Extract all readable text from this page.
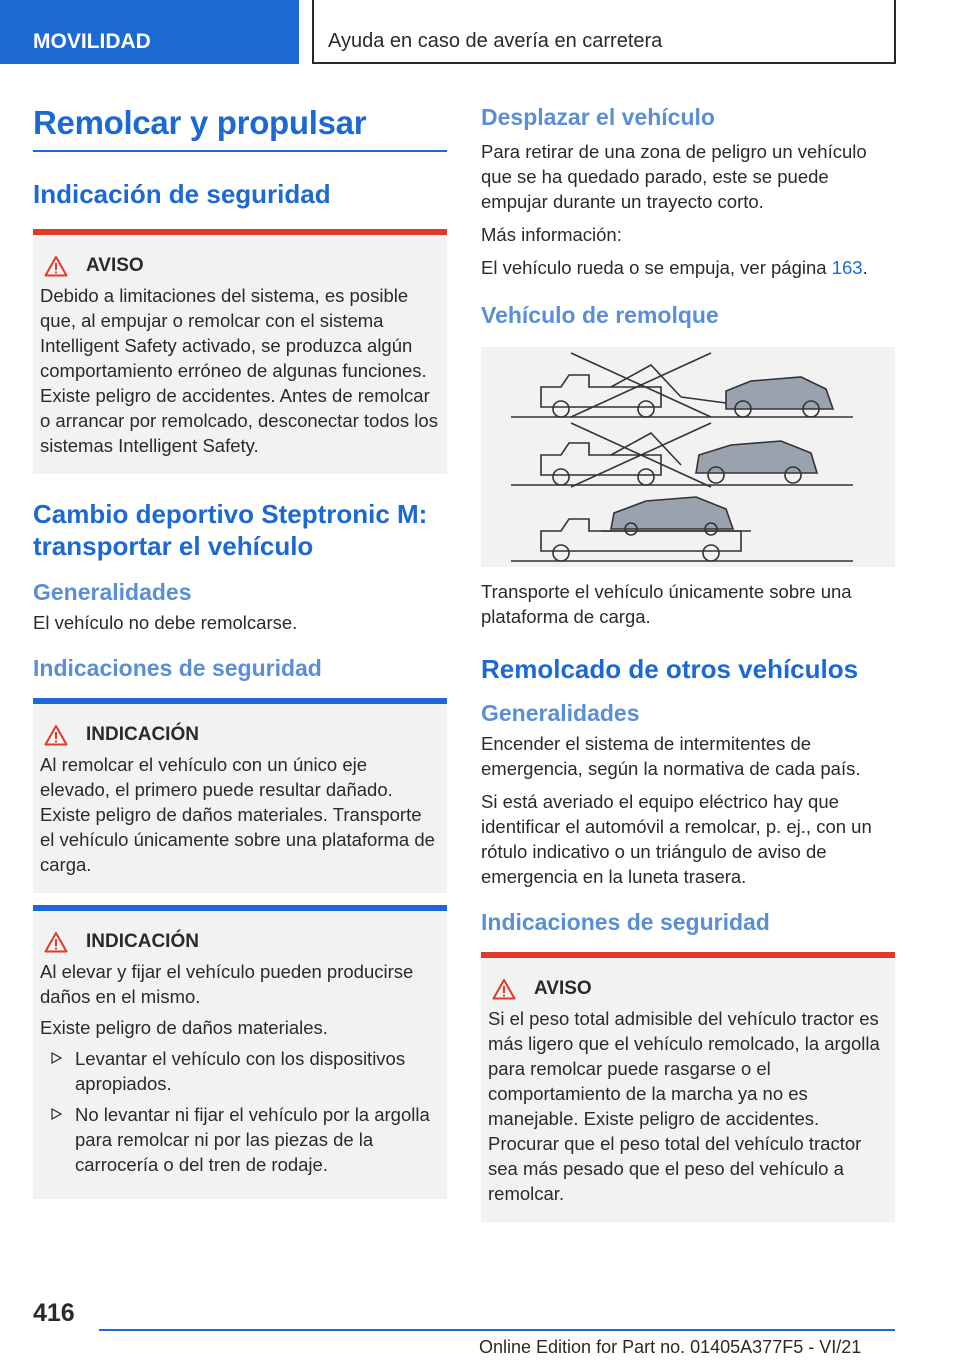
MOVILIDAD	Ayuda en caso de avería en carretera
Remolcar y propulsar
Indicación de seguridad
AVISO

Debido a limitaciones del sistema, es posible que, al empujar o remolcar con el sistema Intelligent Safety activado, se produzca algún comportamiento erróneo de algunas funciones. Existe peligro de accidentes. Antes de remolcar o arrancar por remolcado, desconectar todos los sistemas Intelligent Safety.

Cambio deportivo Steptronic M: transportar el vehículo
Generalidades

El vehículo no debe remolcarse.

Indicaciones de seguridad
INDICACIÓN

Al remolcar el vehículo con un único eje elevado, el primero puede resultar dañado. Existe peligro de daños materiales. Transporte el vehículo únicamente sobre una plataforma de carga.

INDICACIÓN

Al elevar y fijar el vehículo pueden producirse daños en el mismo.

Existe peligro de daños materiales.

Levantar el vehículo con los dispositivos apropiados.
No levantar ni fijar el vehículo por la argolla para remolcar ni por las piezas de la carrocería o del tren de rodaje.
Desplazar el vehículo

Para retirar de una zona de peligro un vehículo que se ha quedado parado, este se puede empujar durante un trayecto corto.

Más información:

El vehículo rueda o se empuja, ver página 163.

Vehículo de remolque

Transporte el vehículo únicamente sobre una plataforma de carga.

Remolcado de otros vehículos
Generalidades

Encender el sistema de intermitentes de emergencia, según la normativa de cada país.

Si está averiado el equipo eléctrico hay que identificar el automóvil a remolcar, p. ej., con un rótulo indicativo o un triángulo de aviso de emergencia en la luneta trasera.

Indicaciones de seguridad
AVISO

Si el peso total admisible del vehículo tractor es más ligero que el vehículo remolcado, la argolla para remolcar puede rasgarse o el comportamiento de la marcha ya no es manejable. Existe peligro de accidentes. Procurar que el peso total del vehículo tractor sea más pesado que el peso del vehículo a remolcar.

416
Online Edition for Part no. 01405A377F5 - VI/21
